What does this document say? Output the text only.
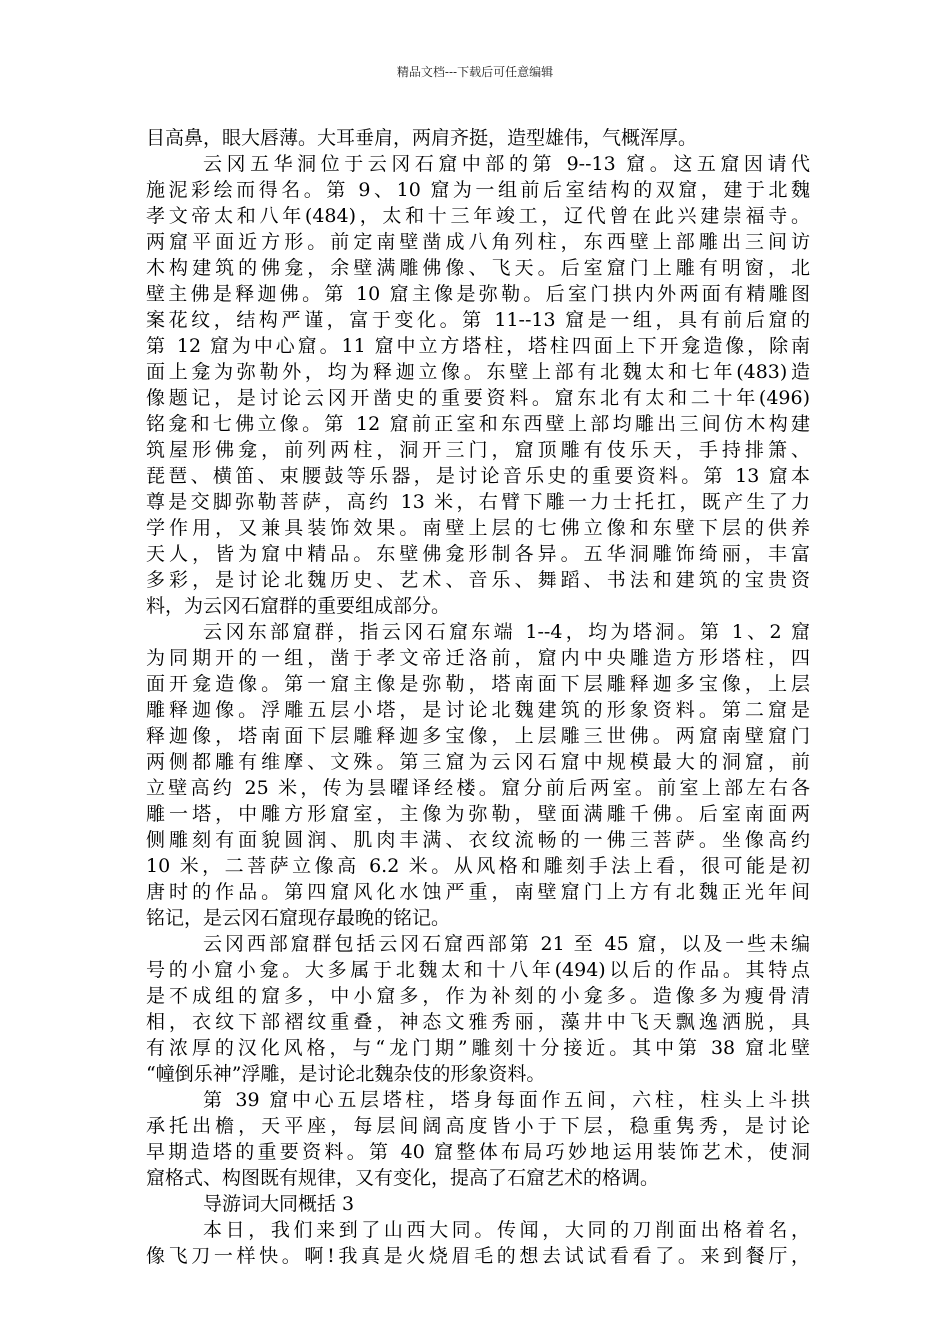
精品文档---下载后可任意编辑
目高鼻，眼大唇薄。大耳垂肩，两肩齐挺，造型雄伟，气概浑厚。
云冈五华洞位于云冈石窟中部的第 9--13 窟。这五窟因请代
施泥彩绘而得名。第 9、10 窟为一组前后室结构的双窟，建于北魏
孝文帝太和八年(484)，太和十三年竣工，辽代曾在此兴建崇福寺。
两窟平面近方形。前定南壁凿成八角列柱，东西壁上部雕出三间访
木构建筑的佛龛，余壁满雕佛像、飞天。后室窟门上雕有明窗，北
壁主佛是释迦佛。第 10 窟主像是弥勒。后室门拱内外两面有精雕图
案花纹，结构严谨，富于变化。第 11--13 窟是一组，具有前后窟的
第 12 窟为中心窟。11 窟中立方塔柱，塔柱四面上下开龛造像，除南
面上龛为弥勒外，均为释迦立像。东壁上部有北魏太和七年(483)造
像题记，是讨论云冈开凿史的重要资料。窟东北有太和二十年(496)
铭龛和七佛立像。第 12 窟前正室和东西壁上部均雕出三间仿木构建
筑屋形佛龛，前列两柱，洞开三门，窟顶雕有伎乐天，手持排箫、
琵琶、横笛、束腰鼓等乐器，是讨论音乐史的重要资料。第 13 窟本
尊是交脚弥勒菩萨，高约 13 米，右臂下雕一力士托扛，既产生了力
学作用，又兼具装饰效果。南壁上层的七佛立像和东壁下层的供养
天人，皆为窟中精品。东壁佛龛形制各异。五华洞雕饰绮丽，丰富
多彩，是讨论北魏历史、艺术、音乐、舞蹈、书法和建筑的宝贵资
料，为云冈石窟群的重要组成部分。
云冈东部窟群，指云冈石窟东端 1--4，均为塔洞。第 1、2 窟
为同期开的一组，凿于孝文帝迁洛前，窟内中央雕造方形塔柱，四
面开龛造像。第一窟主像是弥勒，塔南面下层雕释迦多宝像，上层
雕释迦像。浮雕五层小塔，是讨论北魏建筑的形象资料。第二窟是
释迦像，塔南面下层雕释迦多宝像，上层雕三世佛。两窟南壁窟门
两侧都雕有维摩、文殊。第三窟为云冈石窟中规模最大的洞窟，前
立壁高约 25 米，传为昙曜译经楼。窟分前后两室。前室上部左右各
雕一塔，中雕方形窟室，主像为弥勒，壁面满雕千佛。后室南面两
侧雕刻有面貌圆润、肌肉丰满、衣纹流畅的一佛三菩萨。坐像高约
10 米，二菩萨立像高 6.2 米。从风格和雕刻手法上看，很可能是初
唐时的作品。第四窟风化水蚀严重，南壁窟门上方有北魏正光年间
铭记，是云冈石窟现存最晚的铭记。
云冈西部窟群包括云冈石窟西部第 21 至 45 窟，以及一些未编
号的小窟小龛。大多属于北魏太和十八年(494)以后的作品。其特点
是不成组的窟多，中小窟多，作为补刻的小龛多。造像多为瘦骨清
相，衣纹下部褶纹重叠，神态文雅秀丽，藻井中飞天飘逸洒脱，具
有浓厚的汉化风格，与“龙门期”雕刻十分接近。其中第 38 窟北壁
“幢倒乐神”浮雕，是讨论北魏杂伎的形象资料。
第 39 窟中心五层塔柱，塔身每面作五间，六柱，柱头上斗拱
承托出檐，天平座，每层间阔高度皆小于下层，稳重隽秀，是讨论
早期造塔的重要资料。第 40 窟整体布局巧妙地运用装饰艺术，使洞
窟格式、构图既有规律，又有变化，提高了石窟艺术的格调。
导游词大同概括 3
本日，我们来到了山西大同。传闻，大同的刀削面出格着名，
像飞刀一样快。啊!我真是火烧眉毛的想去试试看看了。来到餐厅，
